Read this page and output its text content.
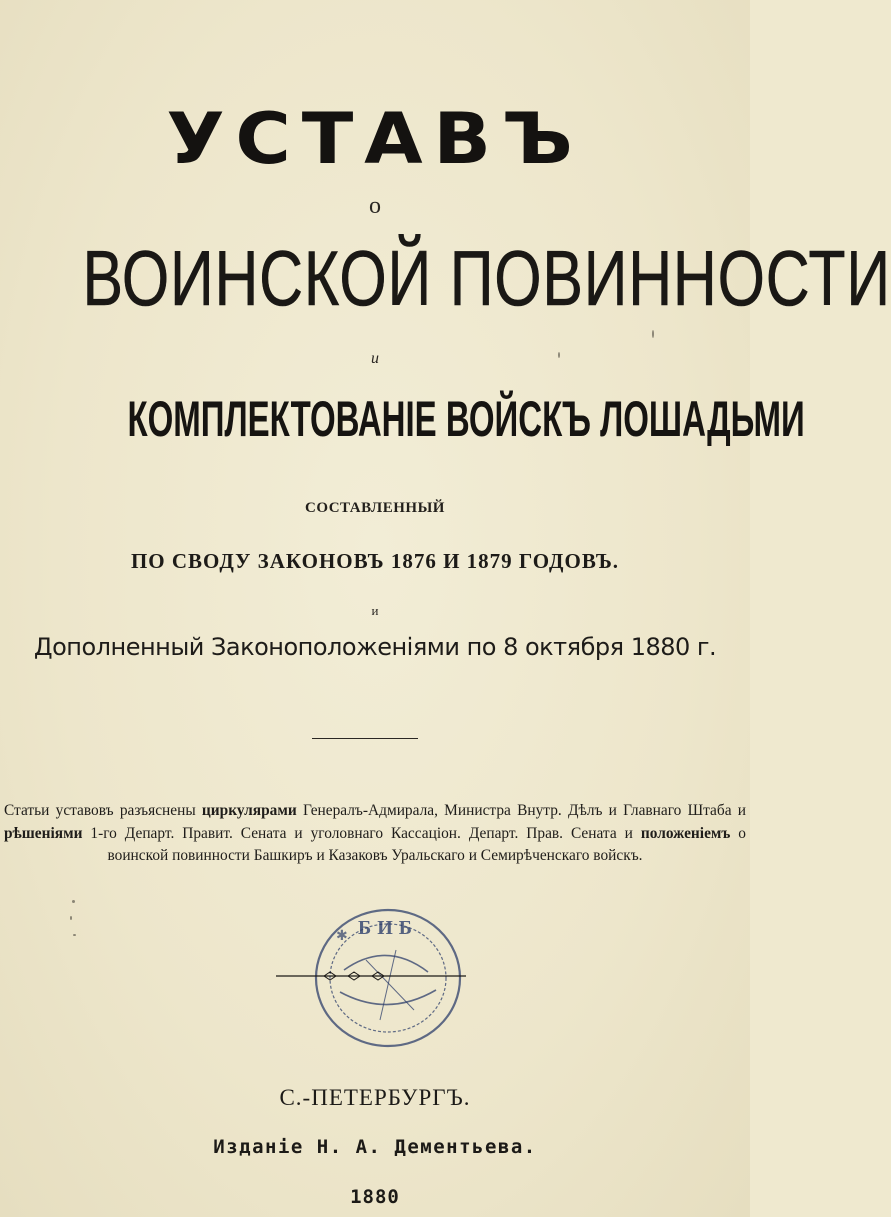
УСТАВЪ
о
ВОИНСКОЙ ПОВИННОСТИ
и
КОМПЛЕКТОВАНІЕ ВОЙСКЪ ЛОШАДЬМИ
СОСТАВЛЕННЫЙ
ПО СВОДУ ЗАКОНОВЪ 1876 И 1879 ГОДОВЪ.
и
Дополненный Законоположеніями по 8 октября 1880 г.
Статьи уставовъ разъяснены циркулярами Генералъ-Адмирала, Министра Внутр. Дѣлъ и Главнаго Штаба и рѣшеніями 1-го Департ. Правит. Сената и уголовнаго Кассаціон. Департ. Прав. Сената и положеніемъ о воинской повинности Башкиръ и Казаковъ Уральскаго и Семирѣченскаго войскъ.
БИБ
✱
С.-ПЕТЕРБУРГЪ.
Изданіе Н. А. Дементьева.
1880
